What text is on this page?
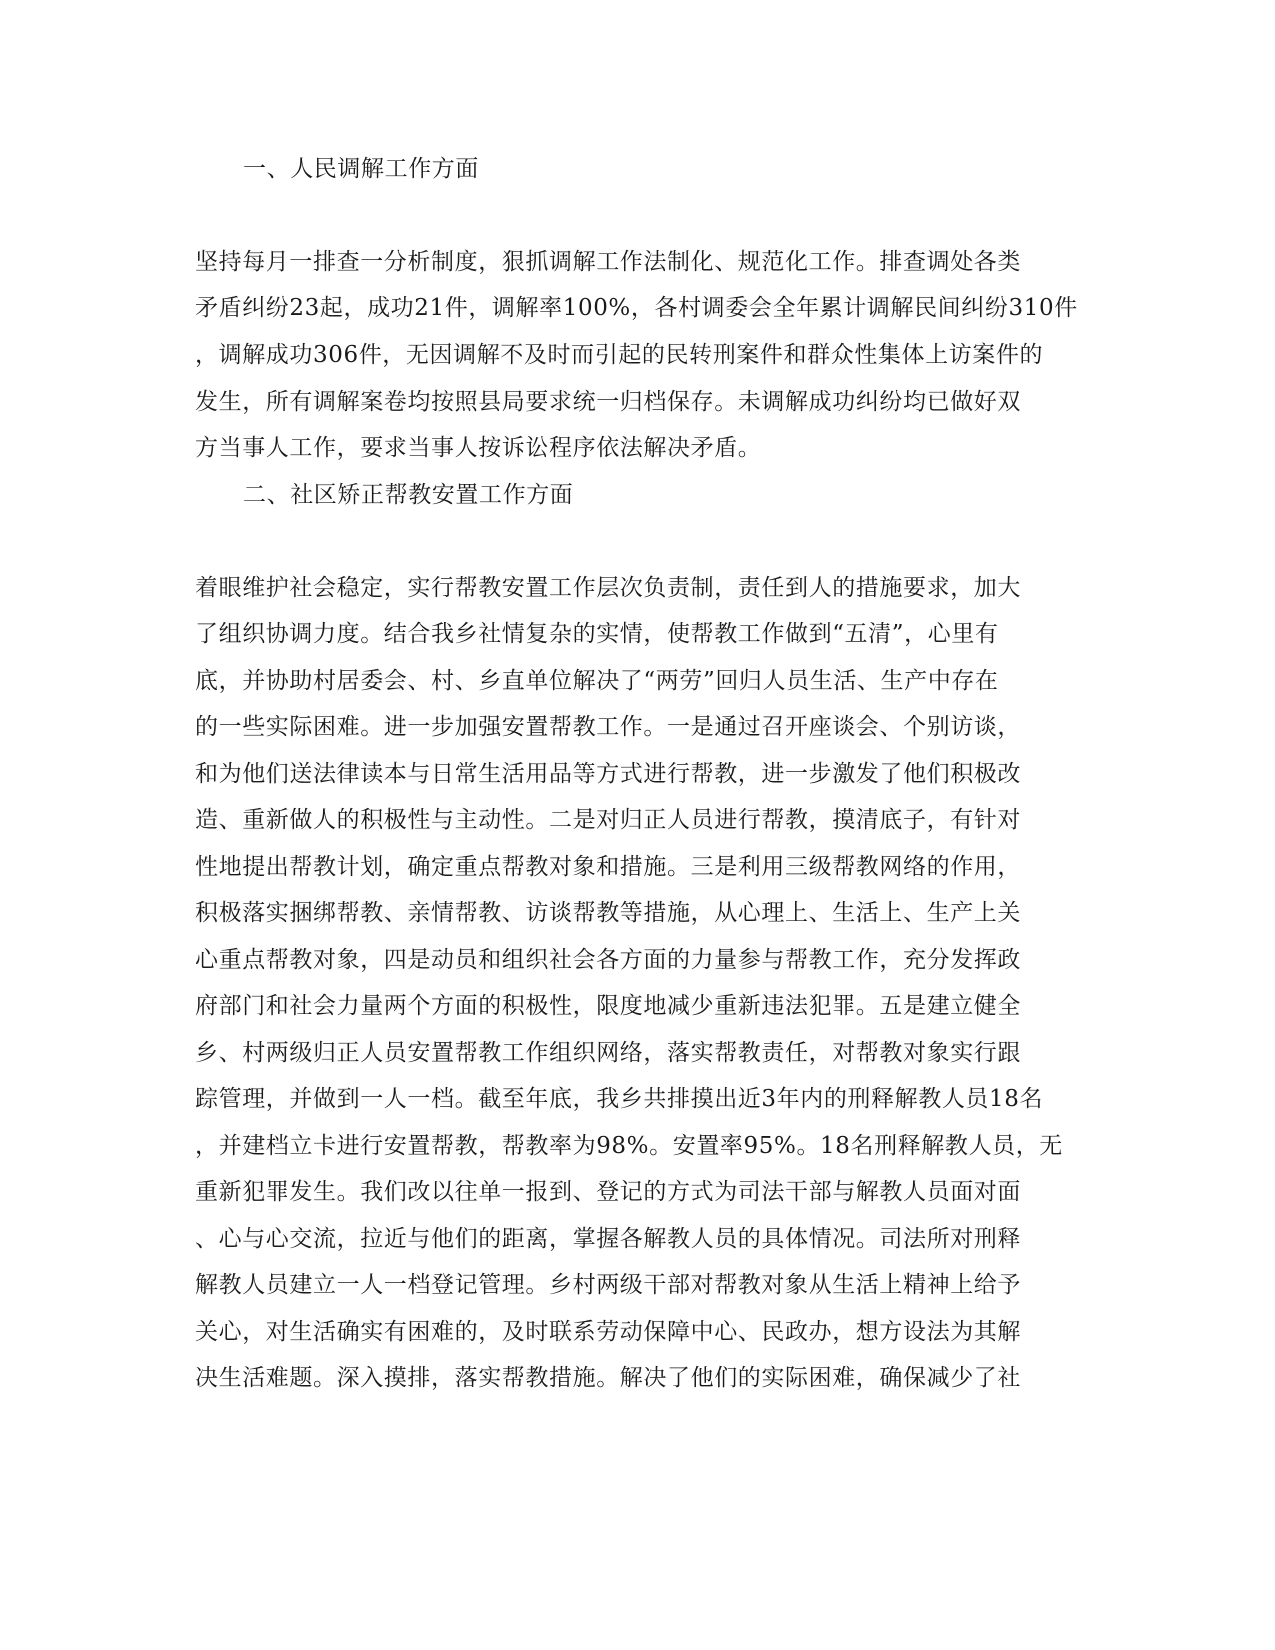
一、人民调解工作方面
坚持每月一排查一分析制度，狠抓调解工作法制化、规范化工作。排查调处各类
矛盾纠纷23起，成功21件，调解率100%，各村调委会全年累计调解民间纠纷310件
，调解成功306件，无因调解不及时而引起的民转刑案件和群众性集体上访案件的
发生，所有调解案卷均按照县局要求统一归档保存。未调解成功纠纷均已做好双
方当事人工作，要求当事人按诉讼程序依法解决矛盾。
二、社区矫正帮教安置工作方面
着眼维护社会稳定，实行帮教安置工作层次负责制，责任到人的措施要求，加大
了组织协调力度。结合我乡社情复杂的实情，使帮教工作做到“五清”，心里有
底，并协助村居委会、村、乡直单位解决了“两劳”回归人员生活、生产中存在
的一些实际困难。进一步加强安置帮教工作。一是通过召开座谈会、个别访谈，
和为他们送法律读本与日常生活用品等方式进行帮教，进一步激发了他们积极改
造、重新做人的积极性与主动性。二是对归正人员进行帮教，摸清底子，有针对
性地提出帮教计划，确定重点帮教对象和措施。三是利用三级帮教网络的作用，
积极落实捆绑帮教、亲情帮教、访谈帮教等措施，从心理上、生活上、生产上关
心重点帮教对象，四是动员和组织社会各方面的力量参与帮教工作，充分发挥政
府部门和社会力量两个方面的积极性，限度地减少重新违法犯罪。五是建立健全
乡、村两级归正人员安置帮教工作组织网络，落实帮教责任，对帮教对象实行跟
踪管理，并做到一人一档。截至年底，我乡共排摸出近3年内的刑释解教人员18名
，并建档立卡进行安置帮教，帮教率为98%。安置率95%。18名刑释解教人员，无
重新犯罪发生。我们改以往单一报到、登记的方式为司法干部与解教人员面对面
、心与心交流，拉近与他们的距离，掌握各解教人员的具体情况。司法所对刑释
解教人员建立一人一档登记管理。乡村两级干部对帮教对象从生活上精神上给予
关心，对生活确实有困难的，及时联系劳动保障中心、民政办，想方设法为其解
决生活难题。深入摸排，落实帮教措施。解决了他们的实际困难，确保减少了社
